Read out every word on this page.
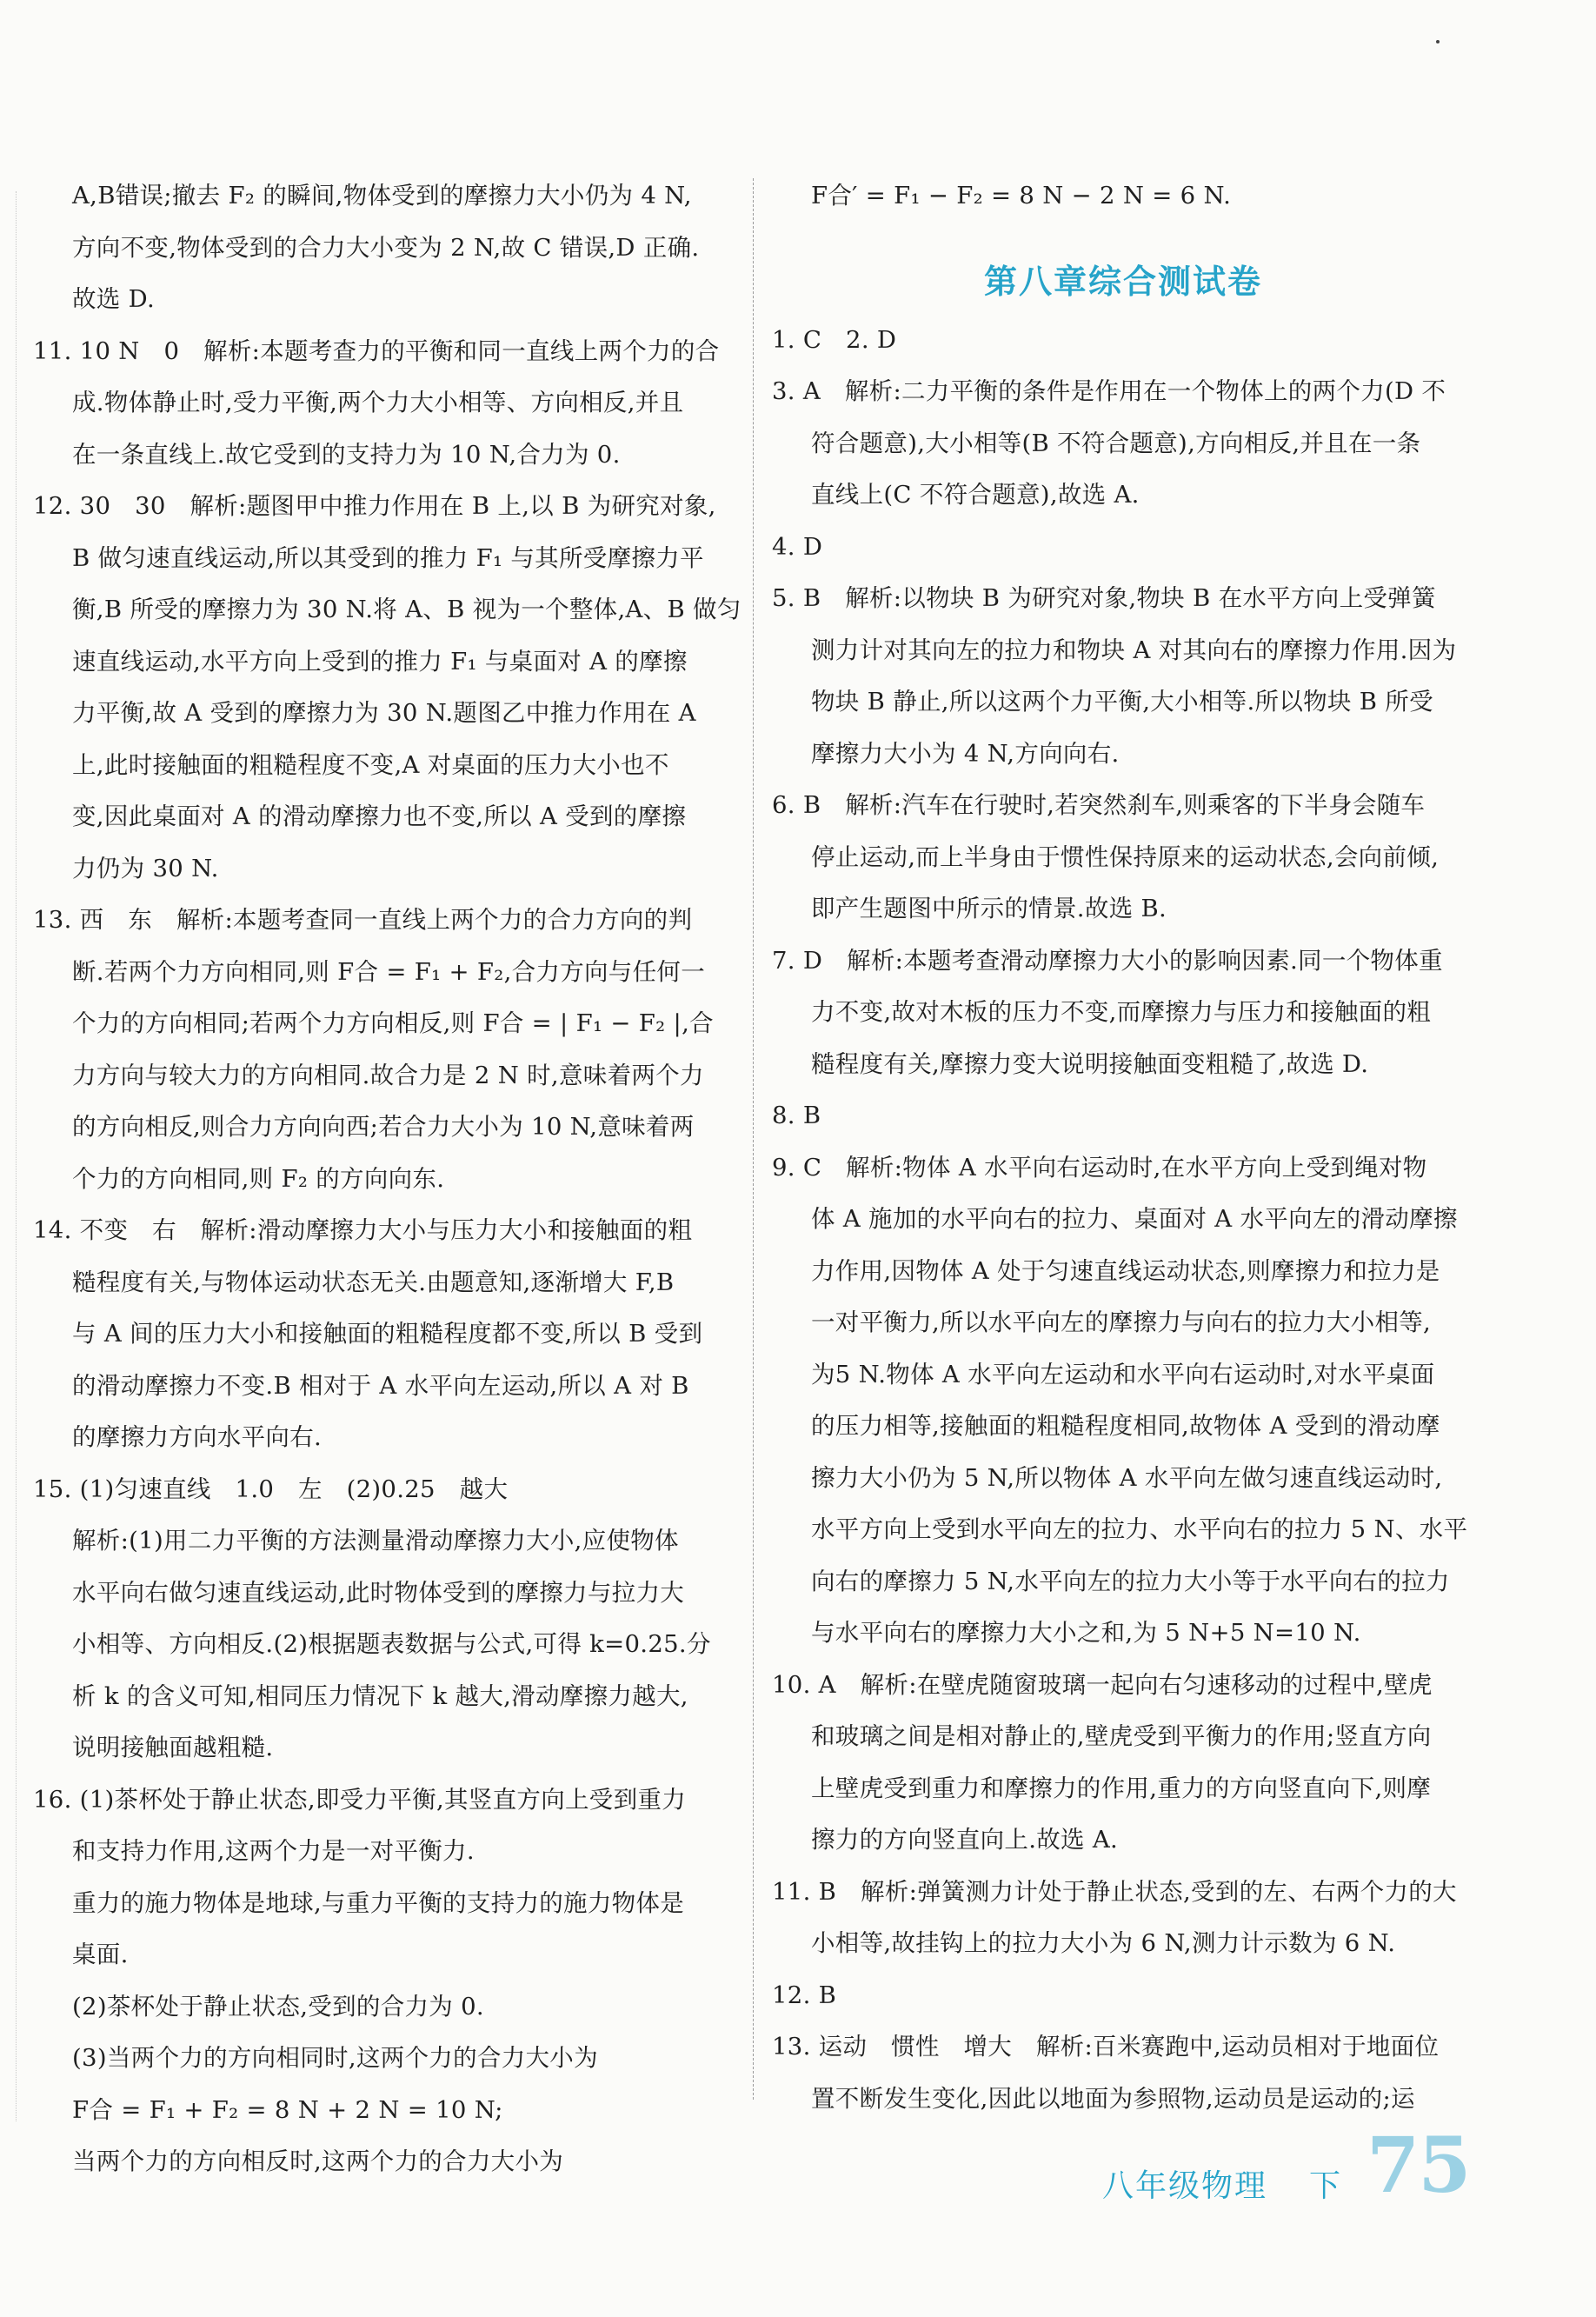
A,B错误;撤去 F₂ 的瞬间,物体受到的摩擦力大小仍为 4 N,

方向不变,物体受到的合力大小变为 2 N,故 C 错误,D 正确.

故选 D.

11. 10 N　0　解析:本题考查力的平衡和同一直线上两个力的合

成.物体静止时,受力平衡,两个力大小相等、方向相反,并且

在一条直线上.故它受到的支持力为 10 N,合力为 0.

12. 30　30　解析:题图甲中推力作用在 B 上,以 B 为研究对象,

B 做匀速直线运动,所以其受到的推力 F₁ 与其所受摩擦力平

衡,B 所受的摩擦力为 30 N.将 A、B 视为一个整体,A、B 做匀

速直线运动,水平方向上受到的推力 F₁ 与桌面对 A 的摩擦

力平衡,故 A 受到的摩擦力为 30 N.题图乙中推力作用在 A

上,此时接触面的粗糙程度不变,A 对桌面的压力大小也不

变,因此桌面对 A 的滑动摩擦力也不变,所以 A 受到的摩擦

力仍为 30 N.

13. 西　东　解析:本题考查同一直线上两个力的合力方向的判

断.若两个力方向相同,则 F合 = F₁ + F₂,合力方向与任何一

个力的方向相同;若两个力方向相反,则 F合 = | F₁ − F₂ |,合

力方向与较大力的方向相同.故合力是 2 N 时,意味着两个力

的方向相反,则合力方向向西;若合力大小为 10 N,意味着两

个力的方向相同,则 F₂ 的方向向东.

14. 不变　右　解析:滑动摩擦力大小与压力大小和接触面的粗

糙程度有关,与物体运动状态无关.由题意知,逐渐增大 F,B

与 A 间的压力大小和接触面的粗糙程度都不变,所以 B 受到

的滑动摩擦力不变.B 相对于 A 水平向左运动,所以 A 对 B

的摩擦力方向水平向右.

15. (1)匀速直线　1.0　左　(2)0.25　越大

解析:(1)用二力平衡的方法测量滑动摩擦力大小,应使物体

水平向右做匀速直线运动,此时物体受到的摩擦力与拉力大

小相等、方向相反.(2)根据题表数据与公式,可得 k=0.25.分

析 k 的含义可知,相同压力情况下 k 越大,滑动摩擦力越大,

说明接触面越粗糙.

16. (1)茶杯处于静止状态,即受力平衡,其竖直方向上受到重力

和支持力作用,这两个力是一对平衡力.

重力的施力物体是地球,与重力平衡的支持力的施力物体是

桌面.

(2)茶杯处于静止状态,受到的合力为 0.

(3)当两个力的方向相同时,这两个力的合力大小为

F合 = F₁ + F₂ = 8 N + 2 N = 10 N;

当两个力的方向相反时,这两个力的合力大小为

F合′ = F₁ − F₂ = 8 N − 2 N = 6 N.

第八章综合测试卷

1. C　2. D

3. A　解析:二力平衡的条件是作用在一个物体上的两个力(D 不

符合题意),大小相等(B 不符合题意),方向相反,并且在一条

直线上(C 不符合题意),故选 A.

4. D

5. B　解析:以物块 B 为研究对象,物块 B 在水平方向上受弹簧

测力计对其向左的拉力和物块 A 对其向右的摩擦力作用.因为

物块 B 静止,所以这两个力平衡,大小相等.所以物块 B 所受

摩擦力大小为 4 N,方向向右.

6. B　解析:汽车在行驶时,若突然刹车,则乘客的下半身会随车

停止运动,而上半身由于惯性保持原来的运动状态,会向前倾,

即产生题图中所示的情景.故选 B.

7. D　解析:本题考查滑动摩擦力大小的影响因素.同一个物体重

力不变,故对木板的压力不变,而摩擦力与压力和接触面的粗

糙程度有关,摩擦力变大说明接触面变粗糙了,故选 D.

8. B

9. C　解析:物体 A 水平向右运动时,在水平方向上受到绳对物

体 A 施加的水平向右的拉力、桌面对 A 水平向左的滑动摩擦

力作用,因物体 A 处于匀速直线运动状态,则摩擦力和拉力是

一对平衡力,所以水平向左的摩擦力与向右的拉力大小相等,

为5 N.物体 A 水平向左运动和水平向右运动时,对水平桌面

的压力相等,接触面的粗糙程度相同,故物体 A 受到的滑动摩

擦力大小仍为 5 N,所以物体 A 水平向左做匀速直线运动时,

水平方向上受到水平向左的拉力、水平向右的拉力 5 N、水平

向右的摩擦力 5 N,水平向左的拉力大小等于水平向右的拉力

与水平向右的摩擦力大小之和,为 5 N+5 N=10 N.

10. A　解析:在壁虎随窗玻璃一起向右匀速移动的过程中,壁虎

和玻璃之间是相对静止的,壁虎受到平衡力的作用;竖直方向

上壁虎受到重力和摩擦力的作用,重力的方向竖直向下,则摩

擦力的方向竖直向上.故选 A.

11. B　解析:弹簧测力计处于静止状态,受到的左、右两个力的大

小相等,故挂钩上的拉力大小为 6 N,测力计示数为 6 N.

12. B

13. 运动　惯性　增大　解析:百米赛跑中,运动员相对于地面位

置不断发生变化,因此以地面为参照物,运动员是运动的;运

八年级物理 下 75
